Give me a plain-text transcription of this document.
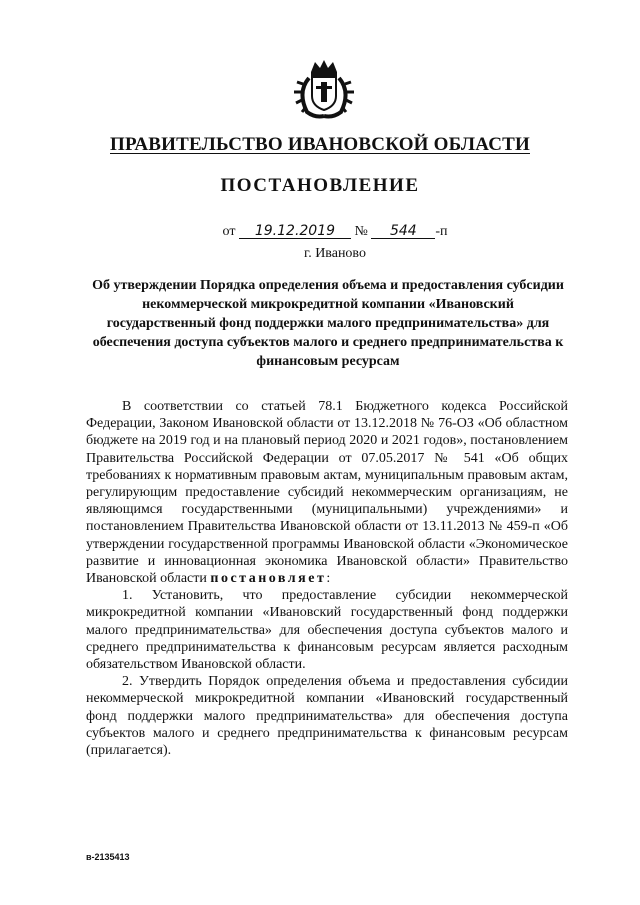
ПРАВИТЕЛЬСТВО ИВАНОВСКОЙ ОБЛАСТИ
ПОСТАНОВЛЕНИЕ
от 19.12.2019 № 544 -п
г. Иваново
Об утверждении Порядка определения объема и предоставления субсидии некоммерческой микрокредитной компании «Ивановский государственный фонд поддержки малого предпринимательства» для обеспечения доступа субъектов малого и среднего предпринимательства к финансовым ресурсам

В соответствии со статьей 78.1 Бюджетного кодекса Российской Федерации, Законом Ивановской области от 13.12.2018 № 76-ОЗ «Об областном бюджете на 2019 год и на плановый период 2020 и 2021 годов», постановлением Правительства Российской Федерации от 07.05.2017 № 541 «Об общих требованиях к нормативным правовым актам, муниципальным правовым актам, регулирующим предоставление субсидий некоммерческим организациям, не являющимся государственными (муниципальными) учреждениями» и постановлением Правительства Ивановской области от 13.11.2013 № 459-п «Об утверждении государственной программы Ивановской области «Экономическое развитие и инновационная экономика Ивановской области» Правительство Ивановской области постановляет:

1. Установить, что предоставление субсидии некоммерческой микрокредитной компании «Ивановский государственный фонд поддержки малого предпринимательства» для обеспечения доступа субъектов малого и среднего предпринимательства к финансовым ресурсам является расходным обязательством Ивановской области.

2. Утвердить Порядок определения объема и предоставления субсидии некоммерческой микрокредитной компании «Ивановский государственный фонд поддержки малого предпринимательства» для обеспечения доступа субъектов малого и среднего предпринимательства к финансовым ресурсам (прилагается).

в-2135413
